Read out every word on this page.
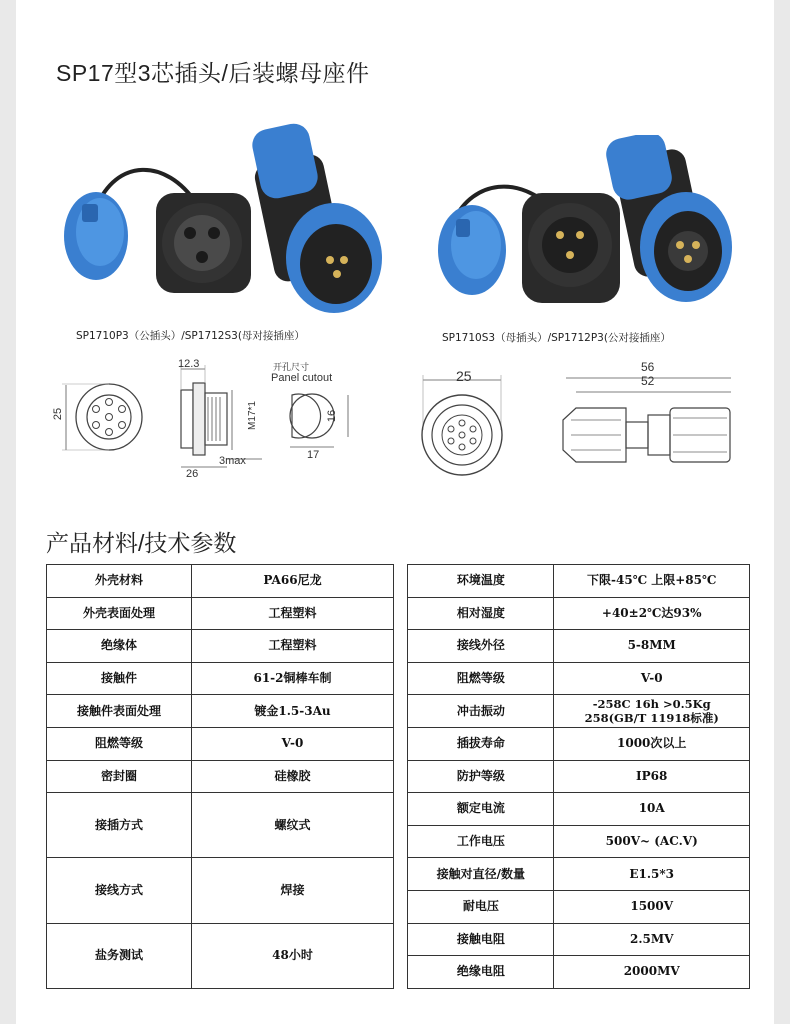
SP17型3芯插头/后装螺母座件
SP1710P3（公插头）/SP1712S3(母对接插座）	SP1710S3（母插头）/SP1712P3(公对接插座）
25
12.3
M17*1
开孔尺寸
Panel cutout
16
17
26
3max
25
56
52
产品材料/技术参数
外壳材料	PA66尼龙		环境温度	下限-45℃ 上限+85℃
外壳表面处理	工程塑料		相对湿度	+40±2℃达93%
绝缘体	工程塑料		接线外径	5-8MM
接触件	61-2铜棒车制		阻燃等级	V-0
接触件表面处理	镀金1.5-3Au		冲击振动	-258C 16h >0.5Kg
258(GB/T 11918标准)

阻燃等级	V-0		插拔寿命	1000次以上
密封圈	硅橡胶		防护等级	IP68
接插方式	螺纹式		额定电流	10A
			工作电压	500V~ (AC.V)
接线方式	焊接		接触对直径/数量	E1.5*3
			耐电压	1500V
盐务测试	48小时		接触电阻	2.5MV
			绝缘电阻	2000MV
